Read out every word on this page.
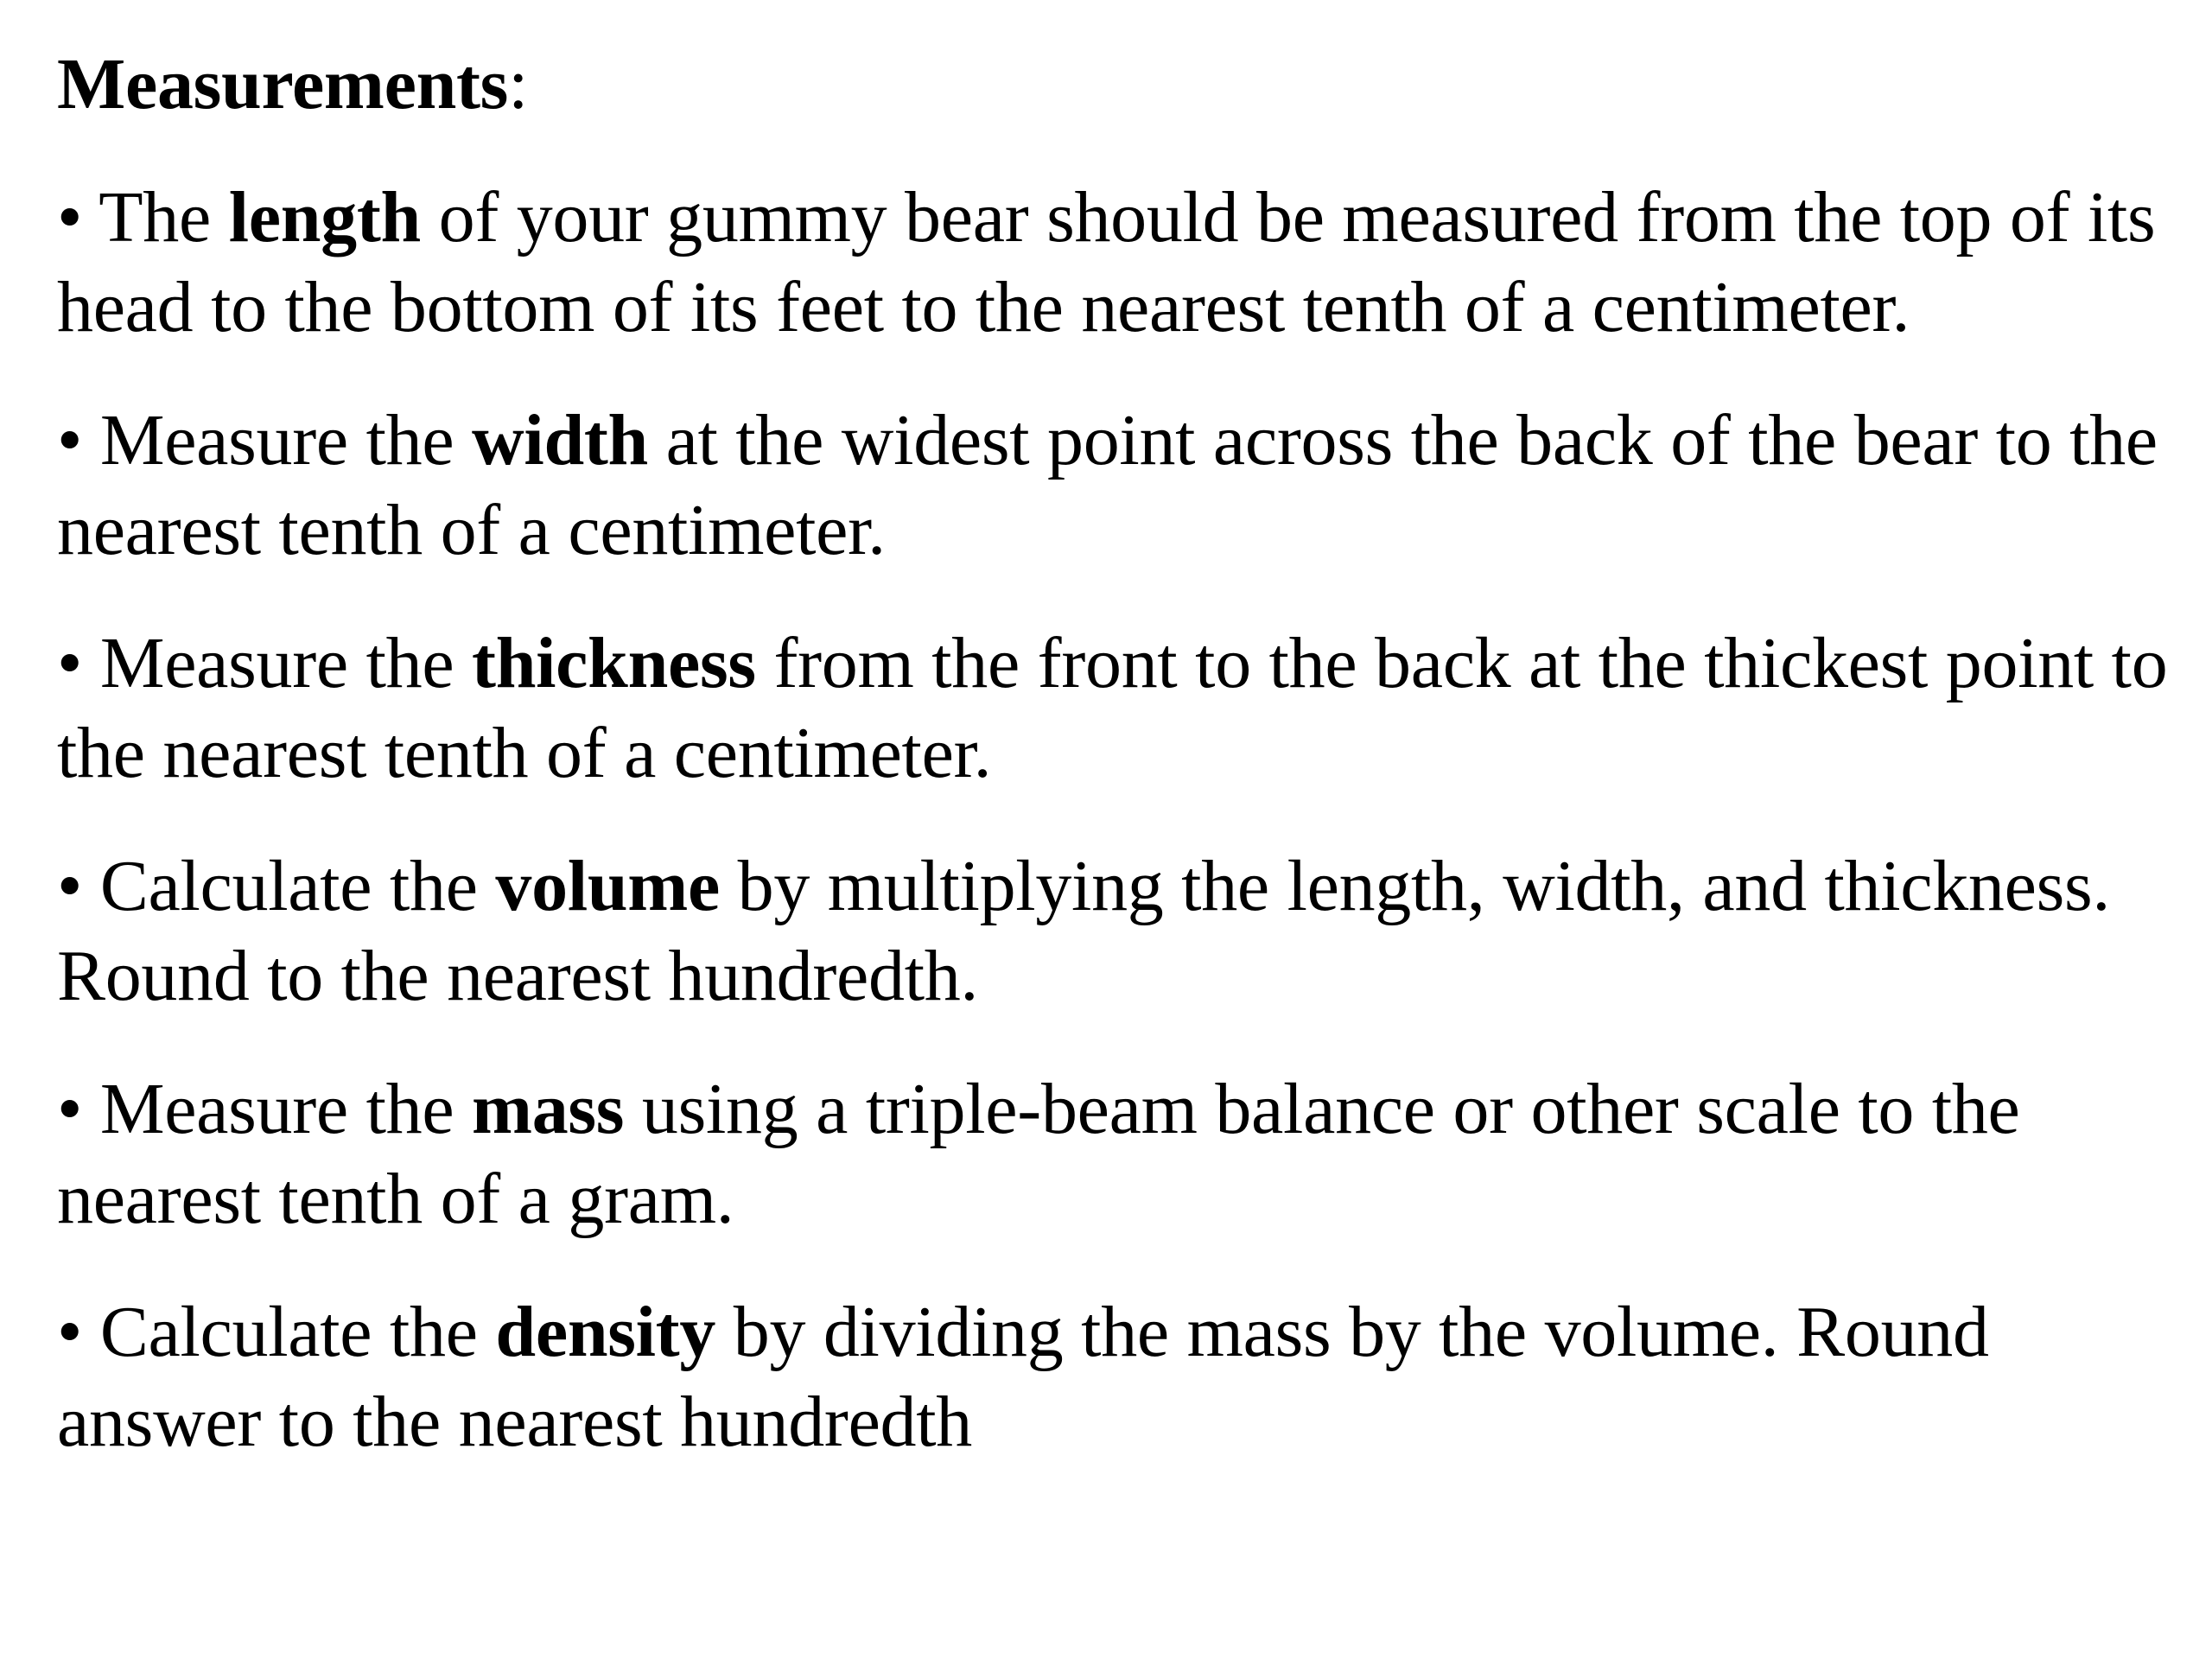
Measurements:

• The length of your gummy bear should be measured from the top of its head to the bottom of its feet to the nearest tenth of a centimeter.
• Measure the width at the widest point across the back of the bear to the nearest tenth of a centimeter.
• Measure the thickness from the front to the back at the thickest point to the nearest tenth of a centimeter.
• Calculate the volume by multiplying the length, width, and thickness. Round to the nearest hundredth.
• Measure the mass using a triple-beam balance or other scale to the nearest tenth of a gram.
• Calculate the density by dividing the mass by the volume. Round answer to the nearest hundredth
